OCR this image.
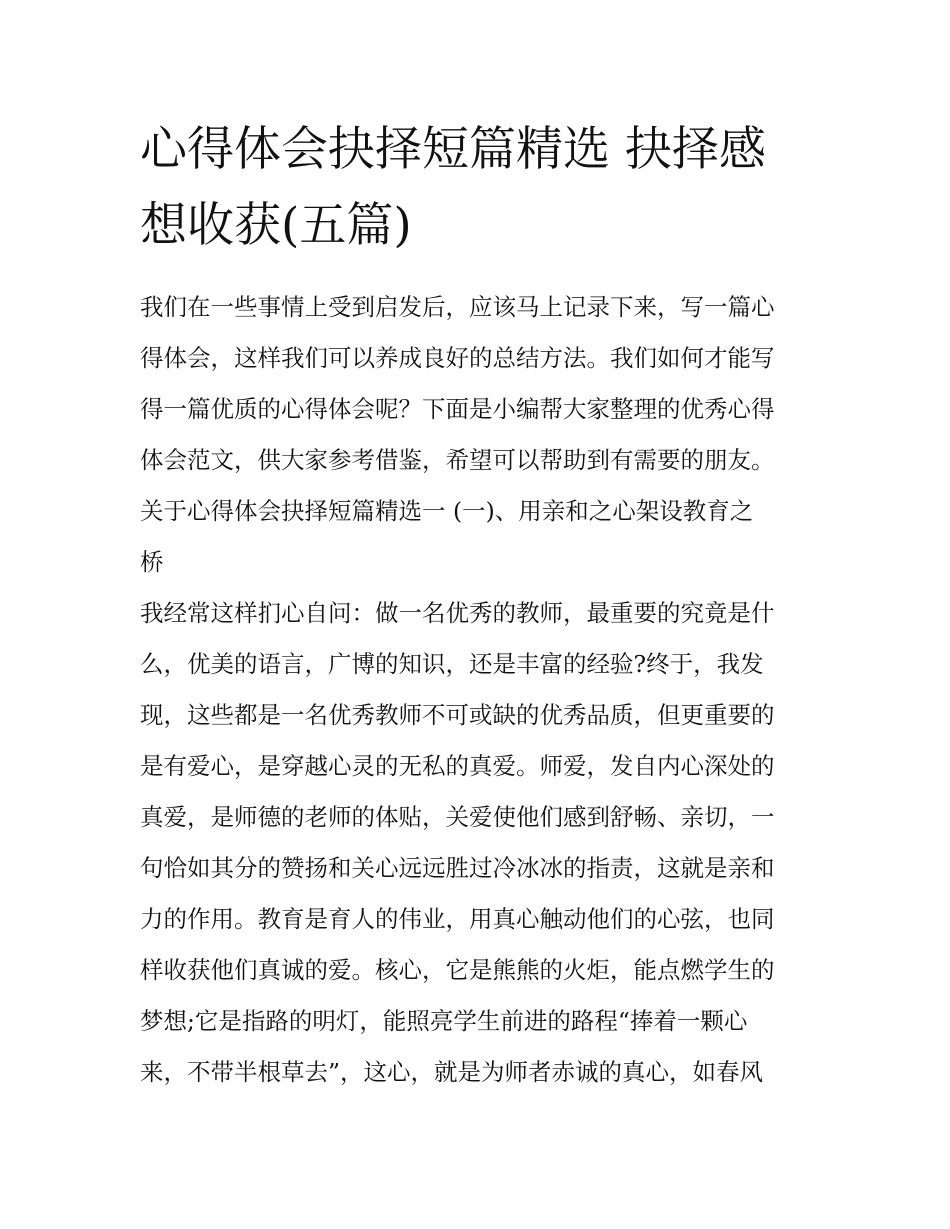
心得体会抉择短篇精选 抉择感
想收获(五篇)
我们在一些事情上受到启发后，应该马上记录下来，写一篇心
得体会，这样我们可以养成良好的总结方法。我们如何才能写
得一篇优质的心得体会呢？下面是小编帮大家整理的优秀心得
体会范文，供大家参考借鉴，希望可以帮助到有需要的朋友。
关于心得体会抉择短篇精选一 (一)、用亲和之心架设教育之
桥
我经常这样扪心自问：做一名优秀的教师，最重要的究竟是什
么，优美的语言，广博的知识，还是丰富的经验?终于，我发
现，这些都是一名优秀教师不可或缺的优秀品质，但更重要的
是有爱心，是穿越心灵的无私的真爱。师爱，发自内心深处的
真爱，是师德的老师的体贴，关爱使他们感到舒畅、亲切，一
句恰如其分的赞扬和关心远远胜过冷冰冰的指责，这就是亲和
力的作用。教育是育人的伟业，用真心触动他们的心弦，也同
样收获他们真诚的爱。核心，它是熊熊的火炬，能点燃学生的
梦想;它是指路的明灯，能照亮学生前进的路程“捧着一颗心
来，不带半根草去”，这心，就是为师者赤诚的真心，如春风
